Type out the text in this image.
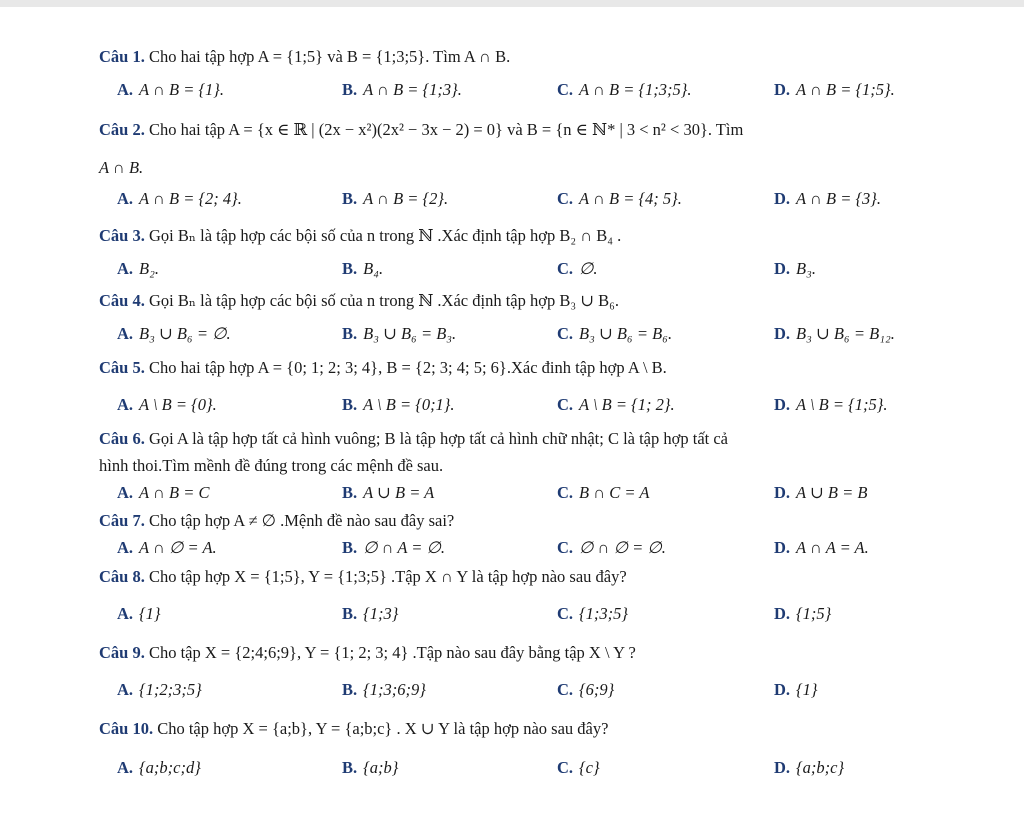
Câu 1. Cho hai tập hợp A = {1;5} và B = {1;3;5}. Tìm A ∩ B.
A. A ∩ B = {1}.	B. A ∩ B = {1;3}.	C. A ∩ B = {1;3;5}.	D. A ∩ B = {1;5}.
Câu 2. Cho hai tập A = {x ∈ ℝ | (2x − x²)(2x² − 3x − 2) = 0} và B = {n ∈ ℕ* | 3 < n² < 30}. Tìm
A ∩ B.
A. A ∩ B = {2; 4}.	B. A ∩ B = {2}.	C. A ∩ B = {4; 5}.	D. A ∩ B = {3}.
Câu 3. Gọi Bₙ là tập hợp các bội số của n trong ℕ .Xác định tập hợp B₂ ∩ B₄ .
A. B₂.	B. B₄.	C. ∅.	D. B₃.
Câu 4. Gọi Bₙ là tập hợp các bội số của n trong ℕ .Xác định tập hợp B₃ ∪ B₆.
A. B₃ ∪ B₆ = ∅.	B. B₃ ∪ B₆ = B₃.	C. B₃ ∪ B₆ = B₆.	D. B₃ ∪ B₆ = B₁₂.
Câu 5. Cho hai tập hợp A = {0; 1; 2; 3; 4}, B = {2; 3; 4; 5; 6}.Xác đinh tập hợp A \ B.
A. A \ B = {0}.	B. A \ B = {0;1}.	C. A \ B = {1; 2}.	D. A \ B = {1;5}.
Câu 6. Gọi A là tập hợp tất cả hình vuông; B là tập hợp tất cả hình chữ nhật; C là tập hợp tất cả
hình thoi.Tìm mềnh đề đúng trong các mệnh đề sau.
A. A ∩ B = C	B. A ∪ B = A	C. B ∩ C = A	D. A ∪ B = B
Câu 7. Cho tập hợp A ≠ ∅ .Mệnh đề nào sau đây sai?
A. A ∩ ∅ = A.	B. ∅ ∩ A = ∅.	C. ∅ ∩ ∅ = ∅.	D. A ∩ A = A.
Câu 8. Cho tập hợp X = {1;5}, Y = {1;3;5} .Tập X ∩ Y là tập hợp nào sau đây?
A. {1}	B. {1;3}	C. {1;3;5}	D. {1;5}
Câu 9. Cho tập X = {2;4;6;9}, Y = {1; 2; 3; 4} .Tập nào sau đây bằng tập X \ Y ?
A. {1;2;3;5}	B. {1;3;6;9}	C. {6;9}	D. {1}
Câu 10. Cho tập hợp X = {a;b}, Y = {a;b;c} . X ∪ Y là tập hợp nào sau đây?
A. {a;b;c;d}	B. {a;b}	C. {c}	D. {a;b;c}
